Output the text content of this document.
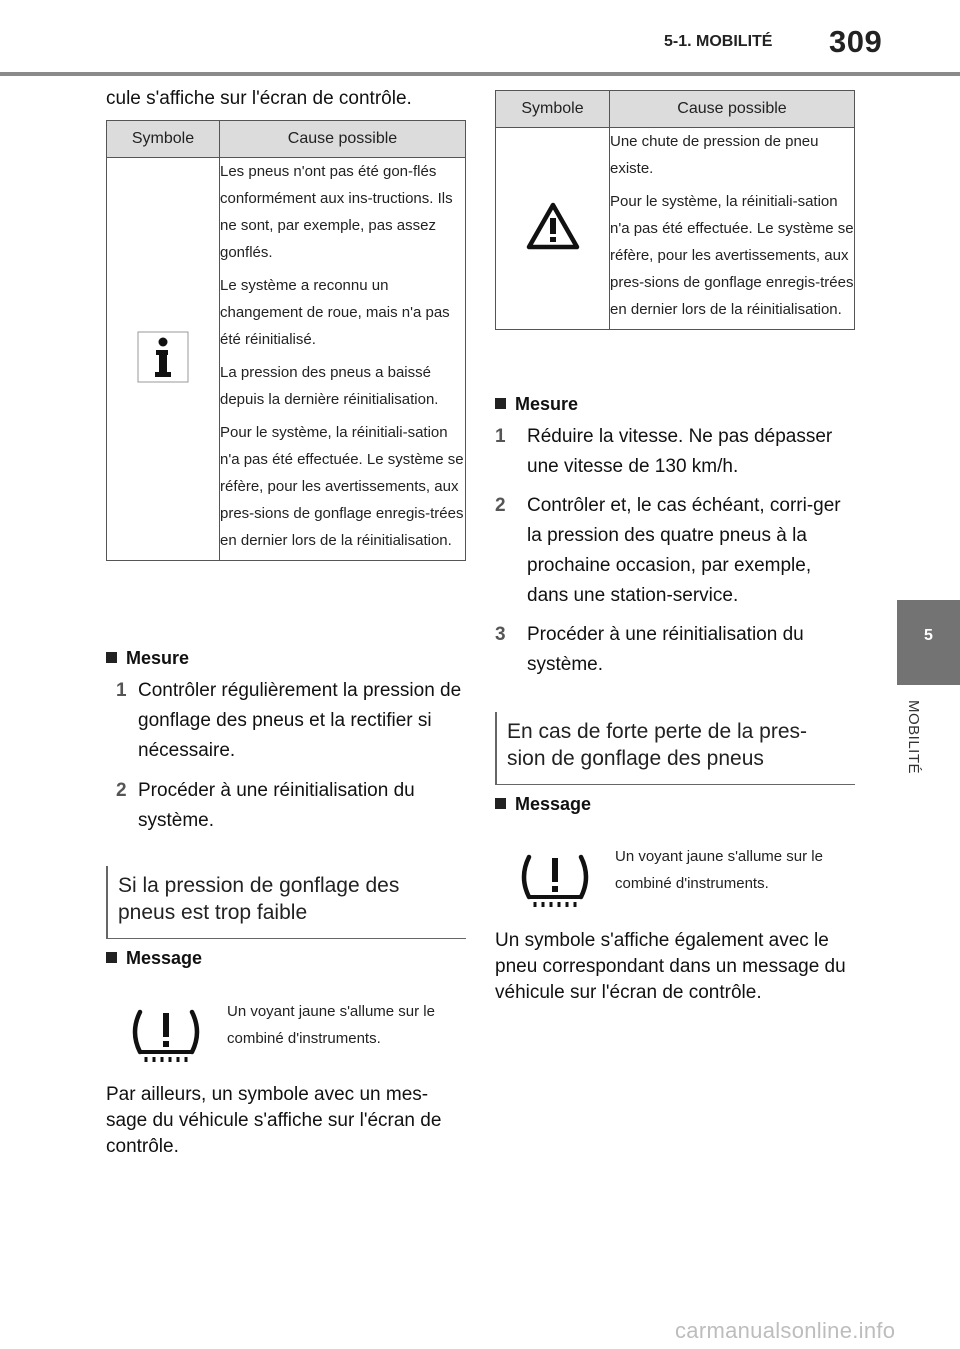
5-1. MOBILITÉ 309
5
MOBILITÉ
cule s'affiche sur l'écran de contrôle.
Symbole	Cause possible

Les pneus n'ont pas été gon-flés conformément aux ins-tructions. Ils ne sont, par exemple, pas assez gonflés.

Le système a reconnu un changement de roue, mais n'a pas été réinitialisé.

La pression des pneus a baissé depuis la dernière réinitialisation.

Pour le système, la réinitiali-sation n'a pas été effectuée. Le système se réfère, pour les avertissements, aux pres-sions de gonflage enregis-trées en dernier lors de la réinitialisation.

Mesure
1 Contrôler régulièrement la pression de gonflage des pneus et la rectifier si nécessaire.
2 Procéder à une réinitialisation du système.
Si la pression de gonflage des pneus est trop faible
Message
Un voyant jaune s'allume sur le combiné d'instruments.
Par ailleurs, un symbole avec un mes-sage du véhicule s'affiche sur l'écran de contrôle.
Symbole	Cause possible

Une chute de pression de pneu existe.

Pour le système, la réinitiali-sation n'a pas été effectuée. Le système se réfère, pour les avertissements, aux pres-sions de gonflage enregis-trées en dernier lors de la réinitialisation.

Mesure
1 Réduire la vitesse. Ne pas dépasser une vitesse de 130 km/h.
2 Contrôler et, le cas échéant, corri-ger la pression des quatre pneus à la prochaine occasion, par exemple, dans une station-service.
3 Procéder à une réinitialisation du système.
En cas de forte perte de la pres-sion de gonflage des pneus
Message
Un voyant jaune s'allume sur le combiné d'instruments.
Un symbole s'affiche également avec le pneu correspondant dans un message du véhicule sur l'écran de contrôle.
carmanualsonline.info
